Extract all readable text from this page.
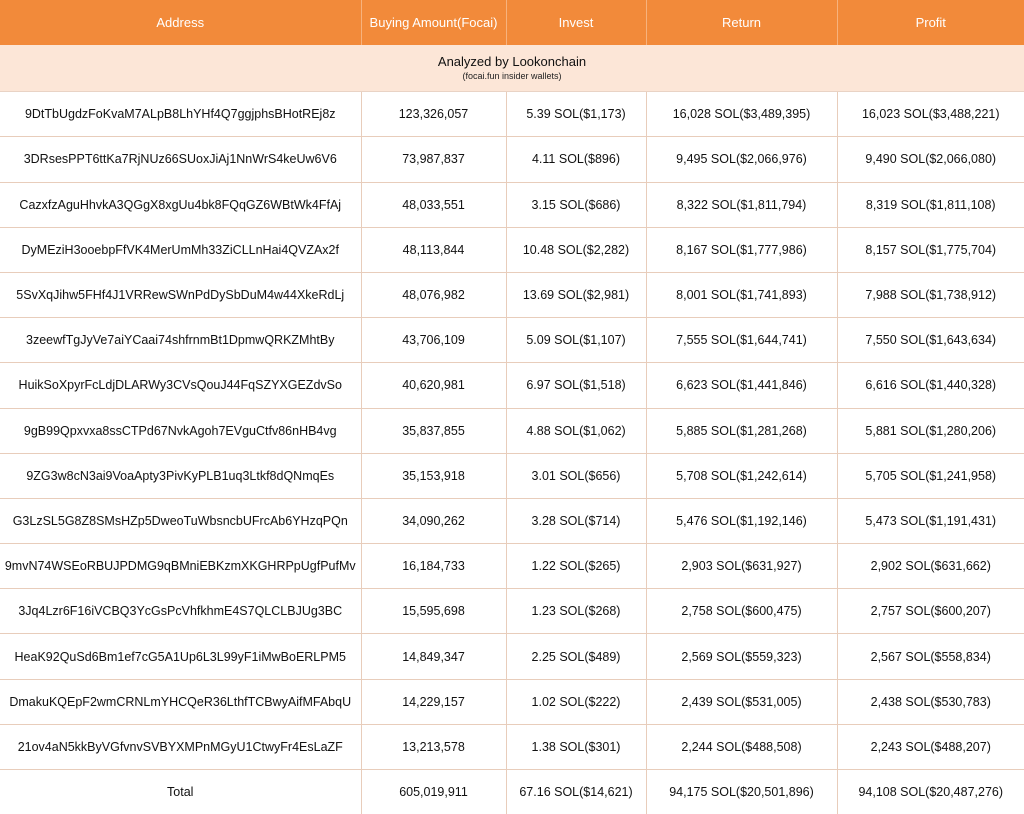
Address	Buying Amount(Focai)	Invest	Return	Profit

Analyzed by Lookonchain
(focai.fun insider wallets)				

9DtTbUgdzFoKvaM7ALpB8LhYHf4Q7ggjphsBHotREj8z	123,326,057	5.39 SOL($1,173)	16,028 SOL($3,489,395)	16,023 SOL($3,488,221)
3DRsesPPT6ttKa7RjNUz66SUoxJiAj1NnWrS4keUw6V6	73,987,837	4.11 SOL($896)	9,495 SOL($2,066,976)	9,490 SOL($2,066,080)
CazxfzAguHhvkA3QGgX8xgUu4bk8FQqGZ6WBtWk4FfAj	48,033,551	3.15 SOL($686)	8,322 SOL($1,811,794)	8,319 SOL($1,811,108)
DyMEziH3ooebpFfVK4MerUmMh33ZiCLLnHai4QVZAx2f	48,113,844	10.48 SOL($2,282)	8,167 SOL($1,777,986)	8,157 SOL($1,775,704)
5SvXqJihw5FHf4J1VRRewSWnPdDySbDuM4w44XkeRdLj	48,076,982	13.69 SOL($2,981)	8,001 SOL($1,741,893)	7,988 SOL($1,738,912)
3zeewfTgJyVe7aiYCaai74shfrnmBt1DpmwQRKZMhtBy	43,706,109	5.09 SOL($1,107)	7,555 SOL($1,644,741)	7,550 SOL($1,643,634)
HuikSoXpyrFcLdjDLARWy3CVsQouJ44FqSZYXGEZdvSo	40,620,981	6.97 SOL($1,518)	6,623 SOL($1,441,846)	6,616 SOL($1,440,328)
9gB99Qpxvxa8ssCTPd67NvkAgoh7EVguCtfv86nHB4vg	35,837,855	4.88 SOL($1,062)	5,885 SOL($1,281,268)	5,881 SOL($1,280,206)
9ZG3w8cN3ai9VoaApty3PivKyPLB1uq3Ltkf8dQNmqEs	35,153,918	3.01 SOL($656)	5,708 SOL($1,242,614)	5,705 SOL($1,241,958)
G3LzSL5G8Z8SMsHZp5DweoTuWbsncbUFrcAb6YHzqPQn	34,090,262	3.28 SOL($714)	5,476 SOL($1,192,146)	5,473 SOL($1,191,431)
9mvN74WSEoRBUJPDMG9qBMniEBKzmXKGHRPpUgfPufMv	16,184,733	1.22 SOL($265)	2,903 SOL($631,927)	2,902 SOL($631,662)
3Jq4Lzr6F16iVCBQ3YcGsPcVhfkhmE4S7QLCLBJUg3BC	15,595,698	1.23 SOL($268)	2,758 SOL($600,475)	2,757 SOL($600,207)
HeaK92QuSd6Bm1ef7cG5A1Up6L3L99yF1iMwBoERLPM5	14,849,347	2.25 SOL($489)	2,569 SOL($559,323)	2,567 SOL($558,834)
DmakuKQEpF2wmCRNLmYHCQeR36LthfTCBwyAifMFAbqU	14,229,157	1.02 SOL($222)	2,439 SOL($531,005)	2,438 SOL($530,783)
21ov4aN5kkByVGfvnvSVBYXMPnMGyU1CtwyFr4EsLaZF	13,213,578	1.38 SOL($301)	2,244 SOL($488,508)	2,243 SOL($488,207)
Total	605,019,911	67.16 SOL($14,621)	94,175 SOL($20,501,896)	94,108 SOL($20,487,276)
